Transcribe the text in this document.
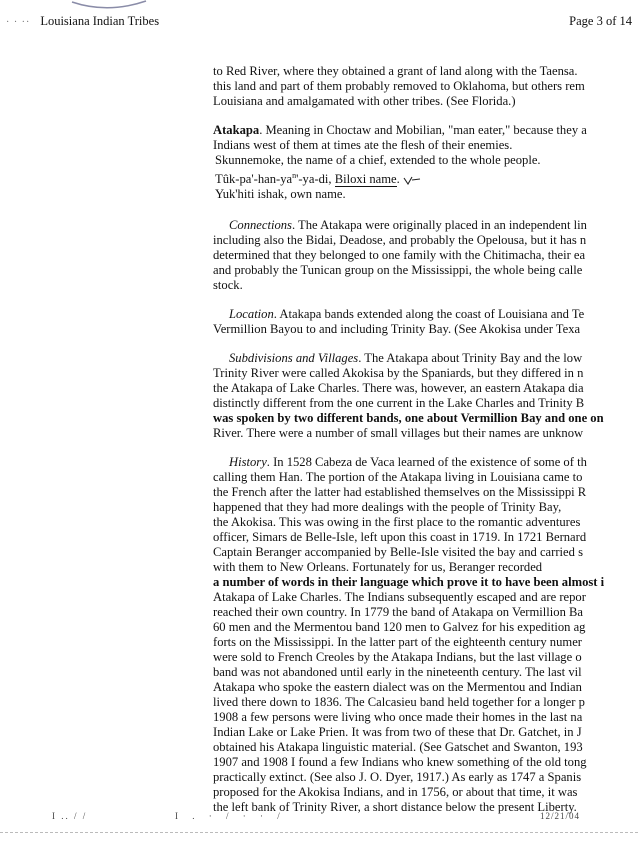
· · ·· Louisiana Indian Tribes	Page 3 of 14
to Red River, where they obtained a grant of land along with the Taensa.
this land and part of them probably removed to Oklahoma, but others rem
Louisiana and amalgamated with other tribes. (See Florida.)
Atakapa. Meaning in Choctaw and Mobilian, "man eater," because they a
Indians west of them at times ate the flesh of their enemies.
Skunnemoke, the name of a chief, extended to the whole people.
Tûk-$pa'-han-ya^n'-ya-di$, Biloxi name.
Yuk'hiti ishak, own name.
Connections. The Atakapa were originally placed in an independent lin
including also the Bidai, Deadose, and probably the Opelousa, but it has n
determined that they belonged to one family with the Chitimacha, their ea
and probably the Tunican group on the Mississippi, the whole being calle
stock.
Location. Atakapa bands extended along the coast of Louisiana and Te
Vermillion Bayou to and including Trinity Bay. (See Akokisa under Texa
Subdivisions and Villages. The Atakapa about Trinity Bay and the low
Trinity River were called Akokisa by the Spaniards, but they differed in n
the Atakapa of Lake Charles. There was, however, an eastern Atakapa dia
distinctly different from the one current in the Lake Charles and Trinity B
was spoken by two different bands, one about Vermillion Bay and one on
River. There were a number of small villages but their names are unknow
History. In 1528 Cabeza de Vaca learned of the existence of some of th
calling them Han. The portion of the Atakapa living in Louisiana came to
the French after the latter had established themselves on the Mississippi R
happened that they had more dealings with the people of Trinity Bay,
the Akokisa. This was owing in the first place to the romantic adventures
officer, Simars de Belle-Isle, left upon this coast in 1719. In 1721 Bernard
Captain Beranger accompanied by Belle-Isle visited the bay and carried s
with them to New Orleans. Fortunately for us, Beranger recorded
a number of words in their language which prove it to have been almost i
Atakapa of Lake Charles. The Indians subsequently escaped and are repor
reached their own country. In 1779 the band of Atakapa on Vermillion Ba
60 men and the Mermentou band 120 men to Galvez for his expedition ag
forts on the Mississippi. In the latter part of the eighteenth century numer
were sold to French Creoles by the Atakapa Indians, but the last village o
band was not abandoned until early in the nineteenth century. The last vil
Atakapa who spoke the eastern dialect was on the Mermentou and Indian
lived there down to 1836. The Calcasieu band held together for a longer p
1908 a few persons were living who once made their homes in the last na
Indian Lake or Lake Prien. It was from two of these that Dr. Gatchet, in J
obtained his Atakapa linguistic material. (See Gatschet and Swanton, 193
1907 and 1908 I found a few Indians who knew something of the old tong
practically extinct. (See also J. O. Dyer, 1917.) As early as 1747 a Spanis
proposed for the Akokisa Indians, and in 1756, or about that time, it was
the left bank of Trinity River, a short distance below the present Liberty.
I .. / /	I . · / · · /	12/21/04
